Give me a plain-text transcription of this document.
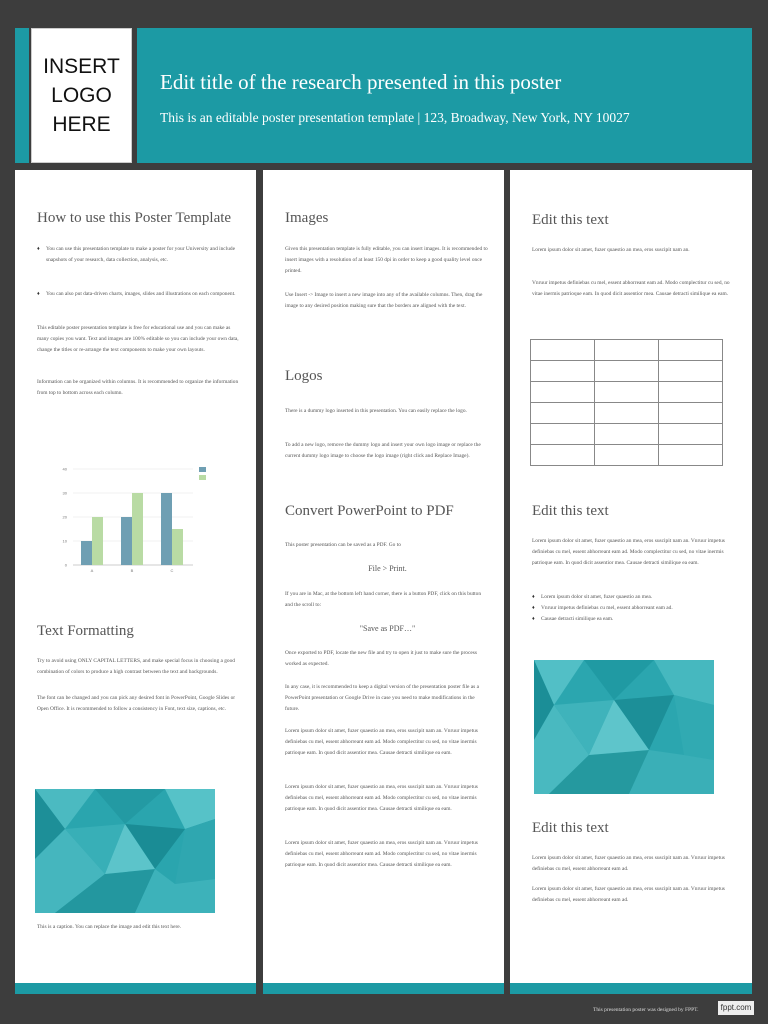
INSERT
LOGO
HERE
Edit title of the research presented in this poster
This is an editable poster presentation template | 123, Broadway, New York, NY 10027
How to use this Poster Template
♦ You can use this presentation template to make a poster for your University and include snapshots of your research, data collection, analysis, etc.
♦ You can also put data-driven charts, images, slides and illustrations on each component.
This editable poster presentation template is free for educational use and you can make as many copies you want. Text and images are 100% editable so you can include your own data, change the titles or re-arrange the text components to make your own layouts.
Information can be organized within columns. It is recommended to organize the information from top to bottom across each column.
0
10
20
30
40
A	B	C
Text Formatting
Try to avoid using ONLY CAPITAL LETTERS, and make special focus in choosing a good combination of colors to produce a high contrast between the text and backgrounds.
The font can be changed and you can pick any desired font in PowerPoint, Google Slides or Open Office. It is recommended to follow a consistency in Font, text size, captions, etc.
This is a caption. You can replace the image and edit this text here.
Images
Given this presentation template is fully editable, you can insert images. It is recommended to insert images with a resolution of at least 150 dpi in order to keep a good quality level once printed.
Use Insert -> Image to insert a new image into any of the available columns. Then, drag the image to any desired position making sure that the borders are aligned with the text.
Logos
There is a dummy logo inserted in this presentation. You can easily replace the logo.
To add a new logo, remove the dummy logo and insert your own logo image or replace the current dummy logo image to choose the logo image (right click and Replace Image).
Convert PowerPoint to PDF
This poster presentation can be saved as a PDF. Go to
File > Print.
If you are in Mac, at the bottom left hand corner, there is a button PDF, click on this button and the scroll to:
"Save as PDF…"
Once exported to PDF, locate the new file and try to open it just to make sure the process worked as expected.
In any case, it is recommended to keep a digital version of the presentation poster file as a PowerPoint presentation or Google Drive in case you need to make modifications in the future.
Lorem ipsum dolor sit amet, fuzer quaestio an mea, eros suscipit nam an. Vnruur impetus definiebas cu mel, essent abhorreant eam ad. Modo complectitur cu sed, no vitae inermis patrioque eam. In quod dicit assentior mea. Causae detracti similique ea eam.
Lorem ipsum dolor sit amet, fuzer quaestio an mea, eros suscipit nam an. Vnruur impetus definiebas cu mel, essent abhorreant eam ad. Modo complectitur cu sed, no vitae inermis patrioque eam. In quod dicit assentior mea. Causae detracti similique ea eam.
Lorem ipsum dolor sit amet, fuzer quaestio an mea, eros suscipit nam an. Vnruur impetus definiebas cu mel, essent abhorreant eam ad. Modo complectitur cu sed, no vitae inermis patrioque eam. In quod dicit assentior mea. Causae detracti similique ea eam.
Edit this text
Lorem ipsum dolor sit amet, fuzer quaestio an mea, eros suscipit nam an.
Vnruur impetus definiebas cu mel, essent abhorreant eam ad. Modo complectitur cu sed, no vitae inermis patrioque eam. In quod dicit assentior mea. Causae detracti similique ea eam.

Edit this text
Lorem ipsum dolor sit amet, fuzer quaestio an mea, eros suscipit nam an. Vnruur impetus definiebas cu mel, essent abhorreant eam ad. Modo complectitur cu sed, no vitae inermis patrioque eam. In quod dicit assentior mea. Causae detracti similique ea eam.
♦ Lorem ipsum dolor sit amet, fuzer quaestio an mea.
♦ Vnruur impetus definiebas cu mel, essent abhorreant eam ad.
♦ Causae detracti similique ea eam.
Edit this text
Lorem ipsum dolor sit amet, fuzer quaestio an mea, eros suscipit nam an. Vnruur impetus definiebas cu mel, essent abhorreant eam ad.
Lorem ipsum dolor sit amet, fuzer quaestio an mea, eros suscipit nam an. Vnruur impetus definiebas cu mel, essent abhorreant eam ad.
This presentation poster was designed by FPPT.	fppt.com
